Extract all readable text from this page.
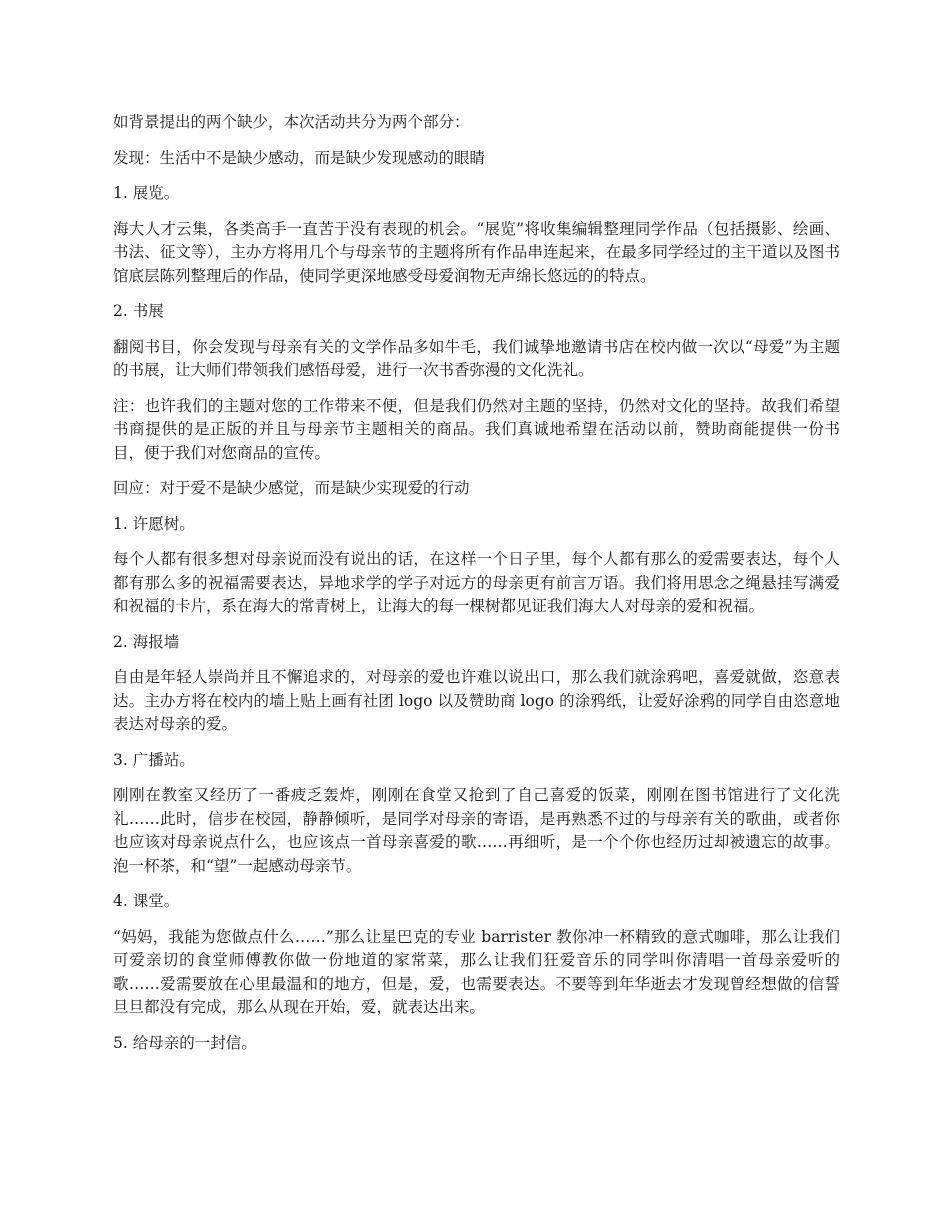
如背景提出的两个缺少，本次活动共分为两个部分：

发现：生活中不是缺少感动，而是缺少发现感动的眼睛

1. 展览。

海大人才云集，各类高手一直苦于没有表现的机会。“展览”将收集编辑整理同学作品（包括摄影、绘画、书法、征文等），主办方将用几个与母亲节的主题将所有作品串连起来，在最多同学经过的主干道以及图书馆底层陈列整理后的作品，使同学更深地感受母爱润物无声绵长悠远的的特点。

2. 书展

翻阅书目，你会发现与母亲有关的文学作品多如牛毛，我们诚挚地邀请书店在校内做一次以“母爱”为主题的书展，让大师们带领我们感悟母爱，进行一次书香弥漫的文化洗礼。

注：也许我们的主题对您的工作带来不便，但是我们仍然对主题的坚持，仍然对文化的坚持。故我们希望书商提供的是正版的并且与母亲节主题相关的商品。我们真诚地希望在活动以前，赞助商能提供一份书目，便于我们对您商品的宣传。

回应：对于爱不是缺少感觉，而是缺少实现爱的行动

1. 许愿树。

每个人都有很多想对母亲说而没有说出的话，在这样一个日子里，每个人都有那么的爱需要表达，每个人都有那么多的祝福需要表达，异地求学的学子对远方的母亲更有前言万语。我们将用思念之绳悬挂写满爱和祝福的卡片，系在海大的常青树上，让海大的每一棵树都见证我们海大人对母亲的爱和祝福。

2. 海报墙

自由是年轻人崇尚并且不懈追求的，对母亲的爱也许难以说出口，那么我们就涂鸦吧，喜爱就做，恣意表达。主办方将在校内的墙上贴上画有社团 logo 以及赞助商 logo 的涂鸦纸，让爱好涂鸦的同学自由恣意地表达对母亲的爱。

3. 广播站。

刚刚在教室又经历了一番疲乏轰炸，刚刚在食堂又抢到了自己喜爱的饭菜，刚刚在图书馆进行了文化洗礼……此时，信步在校园，静静倾听，是同学对母亲的寄语，是再熟悉不过的与母亲有关的歌曲，或者你也应该对母亲说点什么，也应该点一首母亲喜爱的歌……再细听，是一个个你也经历过却被遗忘的故事。泡一杯茶，和“望”一起感动母亲节。

4. 课堂。

“妈妈，我能为您做点什么……”那么让星巴克的专业 barrister 教你冲一杯精致的意式咖啡，那么让我们可爱亲切的食堂师傅教你做一份地道的家常菜，那么让我们狂爱音乐的同学叫你清唱一首母亲爱听的歌……爱需要放在心里最温和的地方，但是，爱，也需要表达。不要等到年华逝去才发现曾经想做的信誓旦旦都没有完成，那么从现在开始，爱，就表达出来。

5. 给母亲的一封信。
